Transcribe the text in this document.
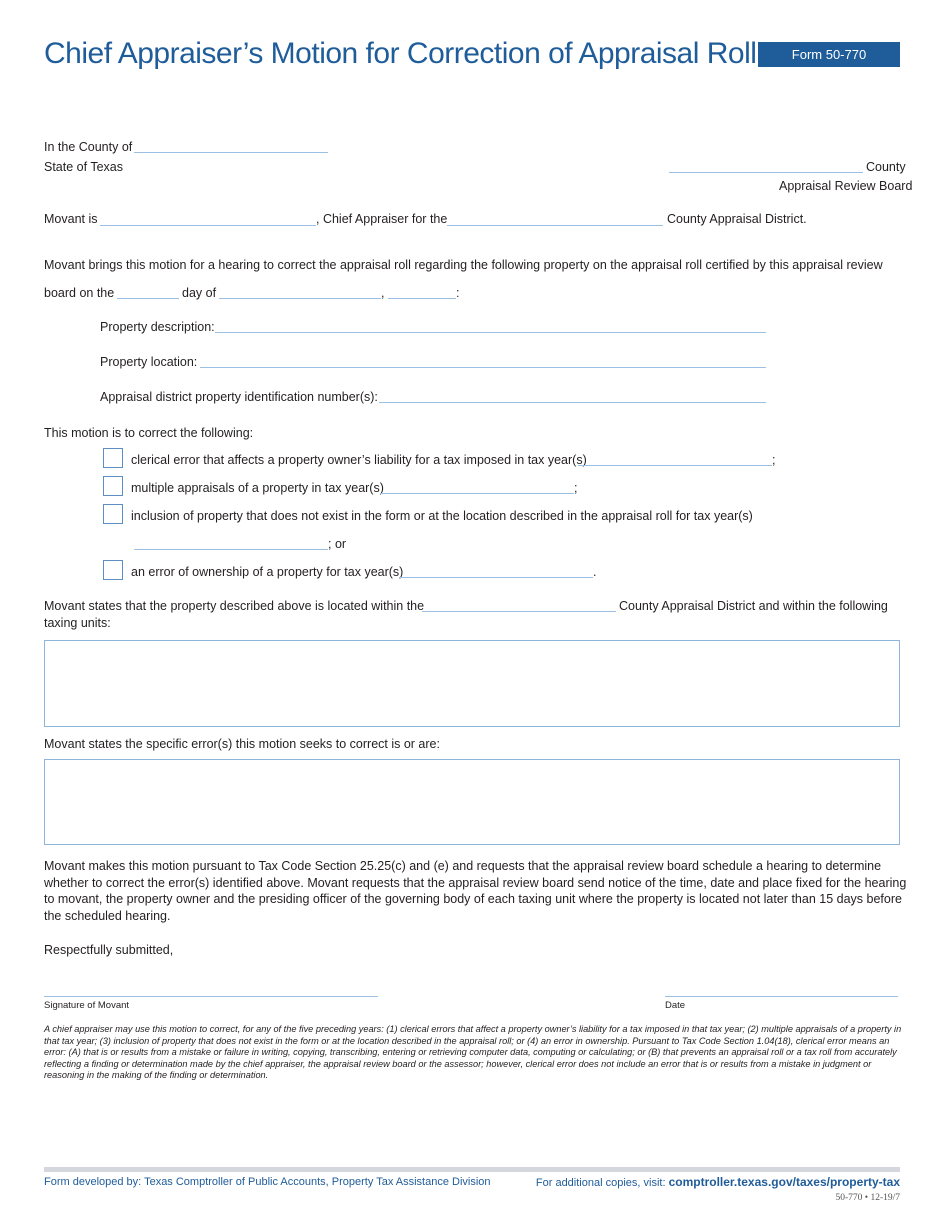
Chief Appraiser’s Motion for Correction of Appraisal Roll	Form 50-770
In the County of
State of Texas	County
Appraisal Review Board
Movant is	, Chief Appraiser for the	County Appraisal District.
Movant brings this motion for a hearing to correct the appraisal roll regarding the following property on the appraisal roll certified by this appraisal review
board on the	day of	,	:
Property description:
Property location:
Appraisal district property identification number(s):
This motion is to correct the following:
clerical error that affects a property owner’s liability for a tax imposed in tax year(s)	;
multiple appraisals of a property in tax year(s)	;
inclusion of property that does not exist in the form or at the location described in the appraisal roll for tax year(s)
; or
an error of ownership of a property for tax year(s)	.
Movant states that the property described above is located within the	County Appraisal District and within the following
taxing units:
Movant states the specific error(s) this motion seeks to correct is or are:
Movant makes this motion pursuant to Tax Code Section 25.25(c) and (e) and requests that the appraisal review board schedule a hearing to determine whether to correct the error(s) identified above. Movant requests that the appraisal review board send notice of the time, date and place fixed for the hearing to movant, the property owner and the presiding officer of the governing body of each taxing unit where the property is located not later than 15 days before the scheduled hearing.
Respectfully submitted,
Signature of Movant	Date
A chief appraiser may use this motion to correct, for any of the five preceding years: (1) clerical errors that affect a property owner’s liability for a tax imposed in that tax year; (2) multiple appraisals of a property in that tax year; (3) inclusion of property that does not exist in the form or at the location described in the appraisal roll; or (4) an error in ownership. Pursuant to Tax Code Section 1.04(18), clerical error means an error: (A) that is or results from a mistake or failure in writing, copying, transcribing, entering or retrieving computer data, computing or calculating; or (B) that prevents an appraisal roll or a tax roll from accurately reflecting a finding or determination made by the chief appraiser, the appraisal review board or the assessor; however, clerical error does not include an error that is or results from a mistake in judgment or reasoning in the making of the finding or determination.
Form developed by: Texas Comptroller of Public Accounts, Property Tax Assistance Division	For additional copies, visit: comptroller.texas.gov/taxes/property-tax
50-770 • 12-19/7
